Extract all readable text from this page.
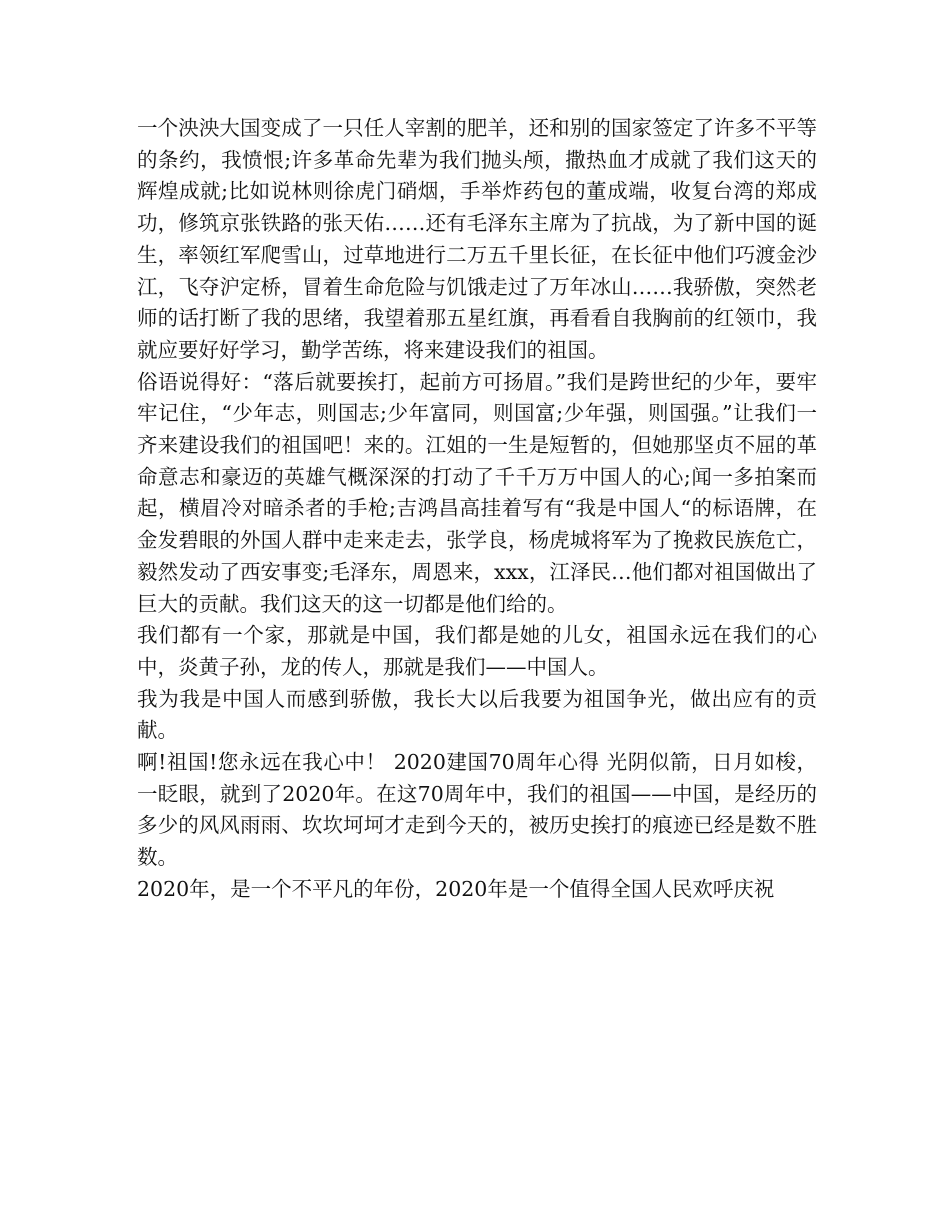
一个泱泱大国变成了一只任人宰割的肥羊，还和别的国家签定了许多不平等的条约，我愤恨;许多革命先辈为我们抛头颅，撒热血才成就了我们这天的辉煌成就;比如说林则徐虎门硝烟，手举炸药包的董成端，收复台湾的郑成功，修筑京张铁路的张天佑……还有毛泽东主席为了抗战，为了新中国的诞生，率领红军爬雪山，过草地进行二万五千里长征，在长征中他们巧渡金沙江，飞夺沪定桥，冒着生命危险与饥饿走过了万年冰山……我骄傲，突然老师的话打断了我的思绪，我望着那五星红旗，再看看自我胸前的红领巾，我就应要好好学习，勤学苦练，将来建设我们的祖国。

俗语说得好：“落后就要挨打，起前方可扬眉。”我们是跨世纪的少年，要牢牢记住，“少年志，则国志;少年富同，则国富;少年强，则国强。”让我们一齐来建设我们的祖国吧！来的。江姐的一生是短暂的，但她那坚贞不屈的革命意志和豪迈的英雄气概深深的打动了千千万万中国人的心;闻一多拍案而起，横眉冷对暗杀者的手枪;吉鸿昌高挂着写有“我是中国人“的标语牌，在金发碧眼的外国人群中走来走去，张学良，杨虎城将军为了挽救民族危亡，毅然发动了西安事变;毛泽东，周恩来，xxx，江泽民…他们都对祖国做出了巨大的贡献。我们这天的这一切都是他们给的。

我们都有一个家，那就是中国，我们都是她的儿女，祖国永远在我们的心中，炎黄子孙，龙的传人，那就是我们——中国人。

我为我是中国人而感到骄傲，我长大以后我要为祖国争光，做出应有的贡献。

啊!祖国!您永远在我心中！ 2020建国70周年心得 光阴似箭，日月如梭，一眨眼，就到了2020年。在这70周年中，我们的祖国——中国，是经历的多少的风风雨雨、坎坎坷坷才走到今天的，被历史挨打的痕迹已经是数不胜数。

2020年，是一个不平凡的年份，2020年是一个值得全国人民欢呼庆祝
